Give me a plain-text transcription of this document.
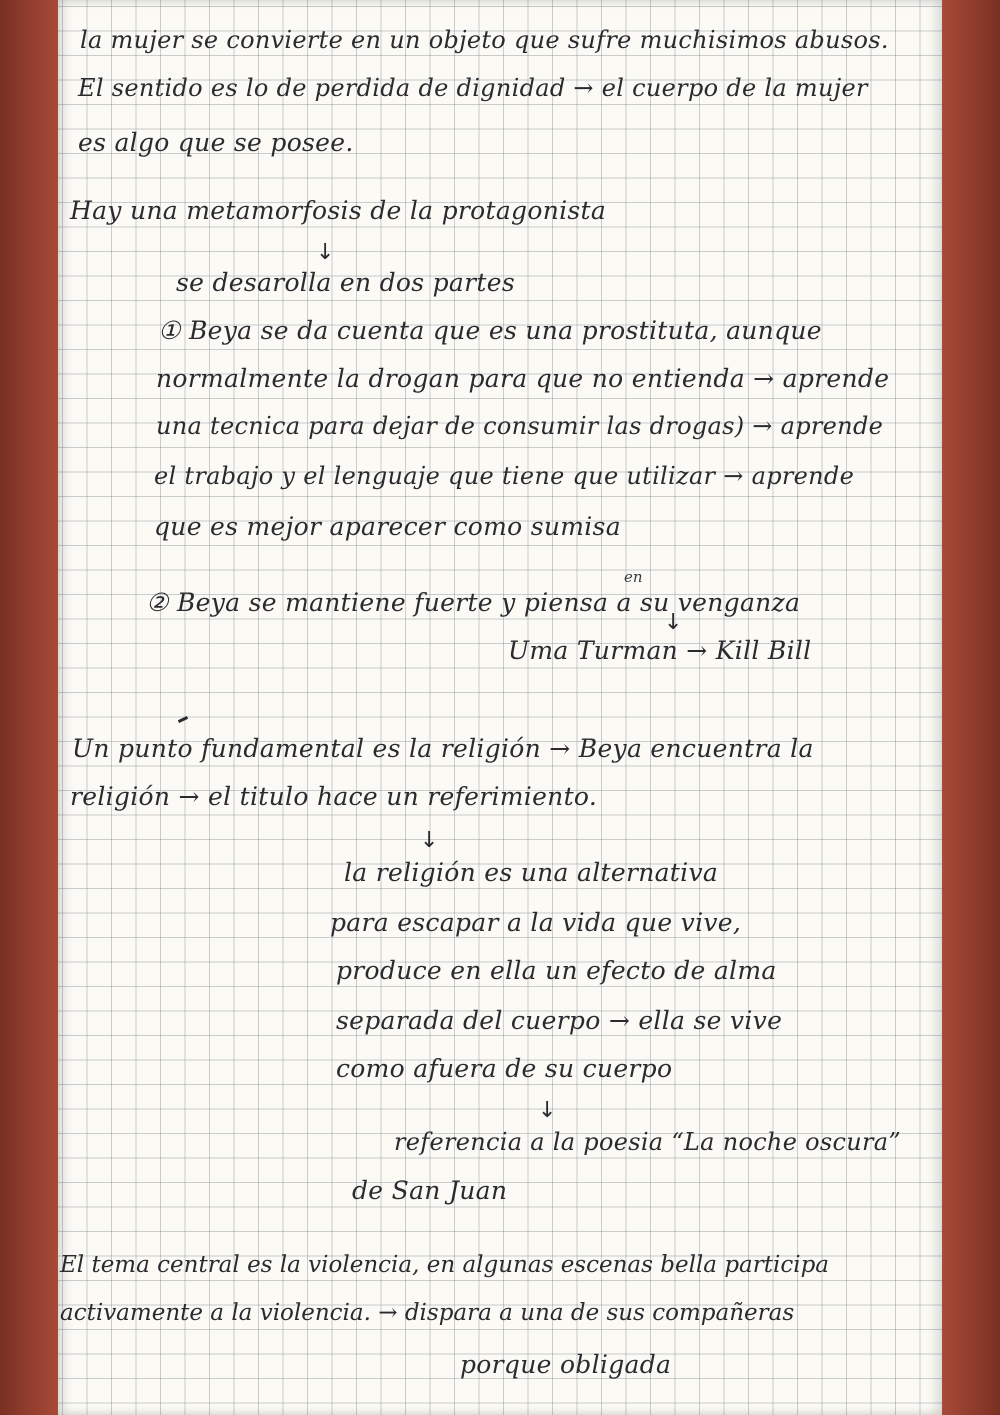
la mujer se convierte en un objeto que sufre muchisimos abusos.
El sentido es lo de perdida de dignidad → el cuerpo de la mujer
es algo que se posee.
Hay una metamorfosis de la protagonista
↓
se desarolla en dos partes
① Beya se da cuenta que es una prostituta, aunque
normalmente la drogan para que no entienda → aprende
una tecnica para dejar de consumir las drogas) → aprende
el trabajo y el lenguaje que tiene que utilizar → aprende
que es mejor aparecer como sumisa
en
② Beya se mantiene fuerte y piensa a su venganza
↓
Uma Turman → Kill Bill
Un punto fundamental es la religión → Beya encuentra la
religión → el titulo hace un referimiento.
↓
la religión es una alternativa
para escapar a la vida que vive,
produce en ella un efecto de alma
separada del cuerpo → ella se vive
como afuera de su cuerpo
↓
referencia a la poesia “La noche oscura”
de San Juan
El tema central es la violencia, en algunas escenas bella participa
activamente a la violencia. → dispara a una de sus compañeras
porque obligada
